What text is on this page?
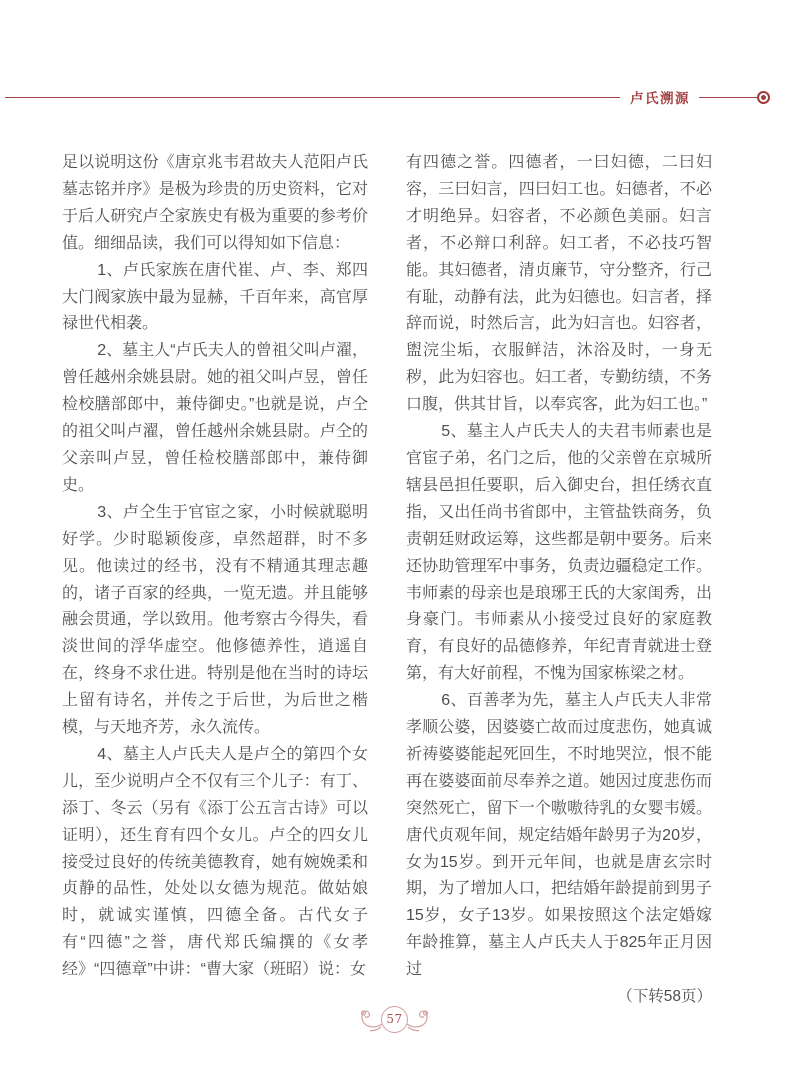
卢氏溯源

足以说明这份《唐京兆韦君故夫人范阳卢氏墓志铭并序》是极为珍贵的历史资料，它对于后人研究卢仝家族史有极为重要的参考价值。细细品读，我们可以得知如下信息：

1、卢氏家族在唐代崔、卢、李、郑四大门阀家族中最为显赫，千百年来，高官厚禄世代相袭。

2、墓主人“卢氏夫人的曾祖父叫卢濯，曾任越州余姚县尉。她的祖父叫卢昱，曾任检校膳部郎中，兼侍御史。”也就是说，卢仝的祖父叫卢濯，曾任越州余姚县尉。卢仝的父亲叫卢昱，曾任检校膳部郎中，兼侍御史。

3、卢仝生于官宦之家，小时候就聪明好学。少时聪颖俊彦，卓然超群，时不多见。他读过的经书，没有不精通其理志趣的，诸子百家的经典，一览无遗。并且能够融会贯通，学以致用。他考察古今得失，看淡世间的浮华虚空。他修德养性，逍遥自在，终身不求仕进。特别是他在当时的诗坛上留有诗名，并传之于后世，为后世之楷模，与天地齐芳，永久流传。

4、墓主人卢氏夫人是卢仝的第四个女儿，至少说明卢仝不仅有三个儿子：有丁、添丁、冬云（另有《添丁公五言古诗》可以证明），还生育有四个女儿。卢仝的四女儿接受过良好的传统美德教育，她有婉娩柔和贞静的品性，处处以女德为规范。做姑娘时，就诚实谨慎，四德全备。古代女子有“四德”之誉，唐代郑氏编撰的《女孝经》“四德章”中讲：“曹大家（班昭）说：女

有四德之誉。四德者，一曰妇德，二曰妇容，三曰妇言，四曰妇工也。妇德者，不必才明绝异。妇容者，不必颜色美丽。妇言者，不必辩口利辞。妇工者，不必技巧智能。其妇德者，清贞廉节，守分整齐，行己有耻，动静有法，此为妇德也。妇言者，择辞而说，时然后言，此为妇言也。妇容者，盥浣尘垢，衣服鲜洁，沐浴及时，一身无秽，此为妇容也。妇工者，专勤纺绩，不务口腹，供其甘旨，以奉宾客，此为妇工也。”

5、墓主人卢氏夫人的夫君韦师素也是官宦子弟，名门之后，他的父亲曾在京城所辖县邑担任要职，后入御史台，担任绣衣直指，又出任尚书省郎中，主管盐铁商务，负责朝廷财政运筹，这些都是朝中要务。后来还协助管理军中事务，负责边疆稳定工作。韦师素的母亲也是琅琊王氏的大家闺秀，出身豪门。韦师素从小接受过良好的家庭教育，有良好的品德修养，年纪青青就进士登第，有大好前程，不愧为国家栋梁之材。

6、百善孝为先，墓主人卢氏夫人非常孝顺公婆，因婆婆亡故而过度悲伤，她真诚祈祷婆婆能起死回生，不时地哭泣，恨不能再在婆婆面前尽奉养之道。她因过度悲伤而突然死亡，留下一个嗷嗷待乳的女婴韦媛。唐代贞观年间，规定结婚年龄男子为20岁，女为15岁。到开元年间，也就是唐玄宗时期，为了增加人口，把结婚年龄提前到男子15岁，女子13岁。如果按照这个法定婚嫁年龄推算，墓主人卢氏夫人于825年正月因过

（下转58页）
57
